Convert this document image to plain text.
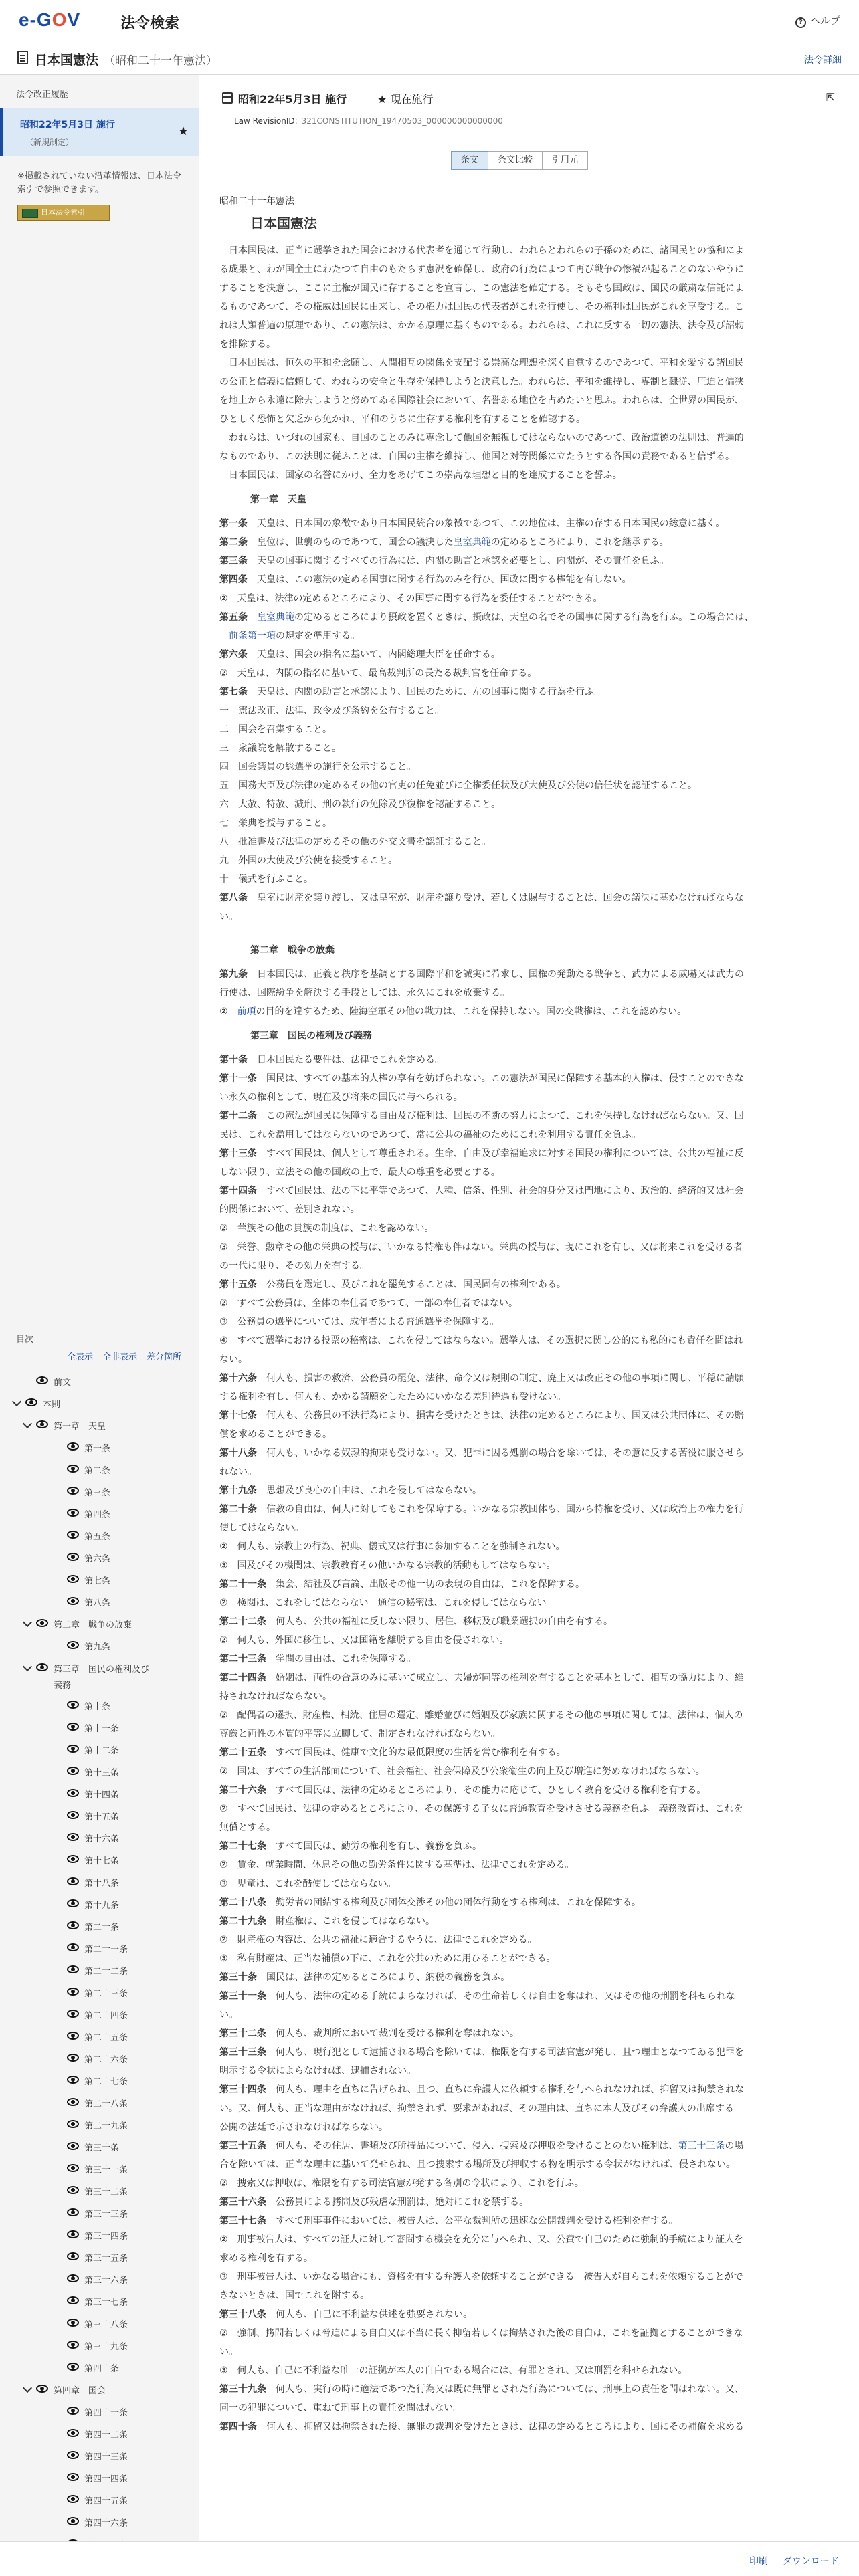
e-GOV	法令検索	? ヘルプ
日本国憲法 （昭和二十一年憲法）	法令詳細
法令改正履歴
昭和22年5月3日 施行
（新規制定）
★
※掲載されていない沿革情報は、日本法令索引で参照できます。
日本法令索引
目次
全表示 全非表示 差分箇所
前文
本則
第一章　天皇
第一条
第二条
第三条
第四条
第五条
第六条
第七条
第八条
第二章　戦争の放棄
第九条
第三章　国民の権利及び
義務
第十条
第十一条
第十二条
第十三条
第十四条
第十五条
第十六条
第十七条
第十八条
第十九条
第二十条
第二十一条
第二十二条
第二十三条
第二十四条
第二十五条
第二十六条
第二十七条
第二十八条
第二十九条
第三十条
第三十一条
第三十二条
第三十三条
第三十四条
第三十五条
第三十六条
第三十七条
第三十八条
第三十九条
第四十条
第四章　国会
第四十一条
第四十二条
第四十三条
第四十四条
第四十五条
第四十六条
昭和22年5月3日 施行	★ 現在施行	⇱
Law RevisionID: 321CONSTITUTION_19470503_000000000000000
条文	条文比較	引用元
昭和二十一年憲法
日本国憲法
　日本国民は、正当に選挙された国会における代表者を通じて行動し、われらとわれらの子孫のために、諸国民との協和によ
る成果と、わが国全土にわたつて自由のもたらす恵沢を確保し、政府の行為によつて再び戦争の惨禍が起ることのないやうに
することを決意し、ここに主権が国民に存することを宣言し、この憲法を確定する。そもそも国政は、国民の厳粛な信託によ
るものであつて、その権威は国民に由来し、その権力は国民の代表者がこれを行使し、その福利は国民がこれを享受する。こ
れは人類普遍の原理であり、この憲法は、かかる原理に基くものである。われらは、これに反する一切の憲法、法令及び詔勅
を排除する。
　日本国民は、恒久の平和を念願し、人間相互の関係を支配する崇高な理想を深く自覚するのであつて、平和を愛する諸国民
の公正と信義に信頼して、われらの安全と生存を保持しようと決意した。われらは、平和を維持し、専制と隷従、圧迫と偏狭
を地上から永遠に除去しようと努めてゐる国際社会において、名誉ある地位を占めたいと思ふ。われらは、全世界の国民が、
ひとしく恐怖と欠乏から免かれ、平和のうちに生存する権利を有することを確認する。
　われらは、いづれの国家も、自国のことのみに専念して他国を無視してはならないのであつて、政治道徳の法則は、普遍的
なものであり、この法則に従ふことは、自国の主権を維持し、他国と対等関係に立たうとする各国の責務であると信ずる。
　日本国民は、国家の名誉にかけ、全力をあげてこの崇高な理想と目的を達成することを誓ふ。
第一章　天皇
第一条　天皇は、日本国の象徴であり日本国民統合の象徴であつて、この地位は、主権の存する日本国民の総意に基く。
第二条　皇位は、世襲のものであつて、国会の議決した皇室典範の定めるところにより、これを継承する。
第三条　天皇の国事に関するすべての行為には、内閣の助言と承認を必要とし、内閣が、その責任を負ふ。
第四条　天皇は、この憲法の定める国事に関する行為のみを行ひ、国政に関する権能を有しない。
②　天皇は、法律の定めるところにより、その国事に関する行為を委任することができる。
第五条　 皇室典範の定めるところにより摂政を置くときは、摂政は、天皇の名でその国事に関する行為を行ふ。この場合には、
　前条第一項の規定を準用する。
第六条　天皇は、国会の指名に基いて、内閣総理大臣を任命する。
②　天皇は、内閣の指名に基いて、最高裁判所の長たる裁判官を任命する。
第七条　天皇は、内閣の助言と承認により、国民のために、左の国事に関する行為を行ふ。
一　憲法改正、法律、政令及び条約を公布すること。
二　国会を召集すること。
三　衆議院を解散すること。
四　国会議員の総選挙の施行を公示すること。
五　国務大臣及び法律の定めるその他の官吏の任免並びに全権委任状及び大使及び公使の信任状を認証すること。
六　大赦、特赦、減刑、刑の執行の免除及び復権を認証すること。
七　栄典を授与すること。
八　批准書及び法律の定めるその他の外交文書を認証すること。
九　外国の大使及び公使を接受すること。
十　儀式を行ふこと。
第八条　皇室に財産を譲り渡し、又は皇室が、財産を譲り受け、若しくは賜与することは、国会の議決に基かなければならな
い。
第二章　戦争の放棄
第九条　日本国民は、正義と秩序を基調とする国際平和を誠実に希求し、国権の発動たる戦争と、武力による威嚇又は武力の
行使は、国際紛争を解決する手段としては、永久にこれを放棄する。
②　 前項の目的を達するため、陸海空軍その他の戦力は、これを保持しない。国の交戦権は、これを認めない。
第三章　国民の権利及び義務
第十条　日本国民たる要件は、法律でこれを定める。
第十一条　国民は、すべての基本的人権の享有を妨げられない。この憲法が国民に保障する基本的人権は、侵すことのできな
い永久の権利として、現在及び将来の国民に与へられる。
第十二条　この憲法が国民に保障する自由及び権利は、国民の不断の努力によつて、これを保持しなければならない。又、国
民は、これを濫用してはならないのであつて、常に公共の福祉のためにこれを利用する責任を負ふ。
第十三条　すべて国民は、個人として尊重される。生命、自由及び幸福追求に対する国民の権利については、公共の福祉に反
しない限り、立法その他の国政の上で、最大の尊重を必要とする。
第十四条　すべて国民は、法の下に平等であつて、人種、信条、性別、社会的身分又は門地により、政治的、経済的又は社会
的関係において、差別されない。
②　華族その他の貴族の制度は、これを認めない。
③　栄誉、勲章その他の栄典の授与は、いかなる特権も伴はない。栄典の授与は、現にこれを有し、又は将来これを受ける者
の一代に限り、その効力を有する。
第十五条　公務員を選定し、及びこれを罷免することは、国民固有の権利である。
②　すべて公務員は、全体の奉仕者であつて、一部の奉仕者ではない。
③　公務員の選挙については、成年者による普通選挙を保障する。
④　すべて選挙における投票の秘密は、これを侵してはならない。選挙人は、その選択に関し公的にも私的にも責任を問はれ
ない。
第十六条　何人も、損害の救済、公務員の罷免、法律、命令又は規則の制定、廃止又は改正その他の事項に関し、平穏に請願
する権利を有し、何人も、かかる請願をしたためにいかなる差別待遇も受けない。
第十七条　何人も、公務員の不法行為により、損害を受けたときは、法律の定めるところにより、国又は公共団体に、その賠
償を求めることができる。
第十八条　何人も、いかなる奴隷的拘束も受けない。又、犯罪に因る処罰の場合を除いては、その意に反する苦役に服させら
れない。
第十九条　思想及び良心の自由は、これを侵してはならない。
第二十条　信教の自由は、何人に対してもこれを保障する。いかなる宗教団体も、国から特権を受け、又は政治上の権力を行
使してはならない。
②　何人も、宗教上の行為、祝典、儀式又は行事に参加することを強制されない。
③　国及びその機関は、宗教教育その他いかなる宗教的活動もしてはならない。
第二十一条　集会、結社及び言論、出版その他一切の表現の自由は、これを保障する。
②　検閲は、これをしてはならない。通信の秘密は、これを侵してはならない。
第二十二条　何人も、公共の福祉に反しない限り、居住、移転及び職業選択の自由を有する。
②　何人も、外国に移住し、又は国籍を離脱する自由を侵されない。
第二十三条　学問の自由は、これを保障する。
第二十四条　婚姻は、両性の合意のみに基いて成立し、夫婦が同等の権利を有することを基本として、相互の協力により、維
持されなければならない。
②　配偶者の選択、財産権、相続、住居の選定、離婚並びに婚姻及び家族に関するその他の事項に関しては、法律は、個人の
尊厳と両性の本質的平等に立脚して、制定されなければならない。
第二十五条　すべて国民は、健康で文化的な最低限度の生活を営む権利を有する。
②　国は、すべての生活部面について、社会福祉、社会保障及び公衆衛生の向上及び増進に努めなければならない。
第二十六条　すべて国民は、法律の定めるところにより、その能力に応じて、ひとしく教育を受ける権利を有する。
②　すべて国民は、法律の定めるところにより、その保護する子女に普通教育を受けさせる義務を負ふ。義務教育は、これを
無償とする。
第二十七条　すべて国民は、勤労の権利を有し、義務を負ふ。
②　賃金、就業時間、休息その他の勤労条件に関する基準は、法律でこれを定める。
③　児童は、これを酷使してはならない。
第二十八条　勤労者の団結する権利及び団体交渉その他の団体行動をする権利は、これを保障する。
第二十九条　財産権は、これを侵してはならない。
②　財産権の内容は、公共の福祉に適合するやうに、法律でこれを定める。
③　私有財産は、正当な補償の下に、これを公共のために用ひることができる。
第三十条　国民は、法律の定めるところにより、納税の義務を負ふ。
第三十一条　何人も、法律の定める手続によらなければ、その生命若しくは自由を奪はれ、又はその他の刑罰を科せられな
い。
第三十二条　何人も、裁判所において裁判を受ける権利を奪はれない。
第三十三条　何人も、現行犯として逮捕される場合を除いては、権限を有する司法官憲が発し、且つ理由となつてゐる犯罪を
明示する令状によらなければ、逮捕されない。
第三十四条　何人も、理由を直ちに告げられ、且つ、直ちに弁護人に依頼する権利を与へられなければ、抑留又は拘禁されな
い。又、何人も、正当な理由がなければ、拘禁されず、要求があれば、その理由は、直ちに本人及びその弁護人の出席する
公開の法廷で示されなければならない。
第三十五条　何人も、その住居、書類及び所持品について、侵入、捜索及び押収を受けることのない権利は、第三十三条の場
合を除いては、正当な理由に基いて発せられ、且つ捜索する場所及び押収する物を明示する令状がなければ、侵されない。
②　捜索又は押収は、権限を有する司法官憲が発する各別の令状により、これを行ふ。
第三十六条　公務員による拷問及び残虐な刑罰は、絶対にこれを禁ずる。
第三十七条　すべて刑事事件においては、被告人は、公平な裁判所の迅速な公開裁判を受ける権利を有する。
②　刑事被告人は、すべての証人に対して審問する機会を充分に与へられ、又、公費で自己のために強制的手続により証人を
求める権利を有する。
③　刑事被告人は、いかなる場合にも、資格を有する弁護人を依頼することができる。被告人が自らこれを依頼することがで
きないときは、国でこれを附する。
第三十八条　何人も、自己に不利益な供述を強要されない。
②　強制、拷問若しくは脅迫による自白又は不当に長く抑留若しくは拘禁された後の自白は、これを証拠とすることができな
い。
③　何人も、自己に不利益な唯一の証拠が本人の自白である場合には、有罪とされ、又は刑罰を科せられない。
第三十九条　何人も、実行の時に適法であつた行為又は既に無罪とされた行為については、刑事上の責任を問はれない。又、
同一の犯罪について、重ねて刑事上の責任を問はれない。
第四十条　何人も、抑留又は拘禁された後、無罪の裁判を受けたときは、法律の定めるところにより、国にその補償を求める
印刷 ダウンロード
